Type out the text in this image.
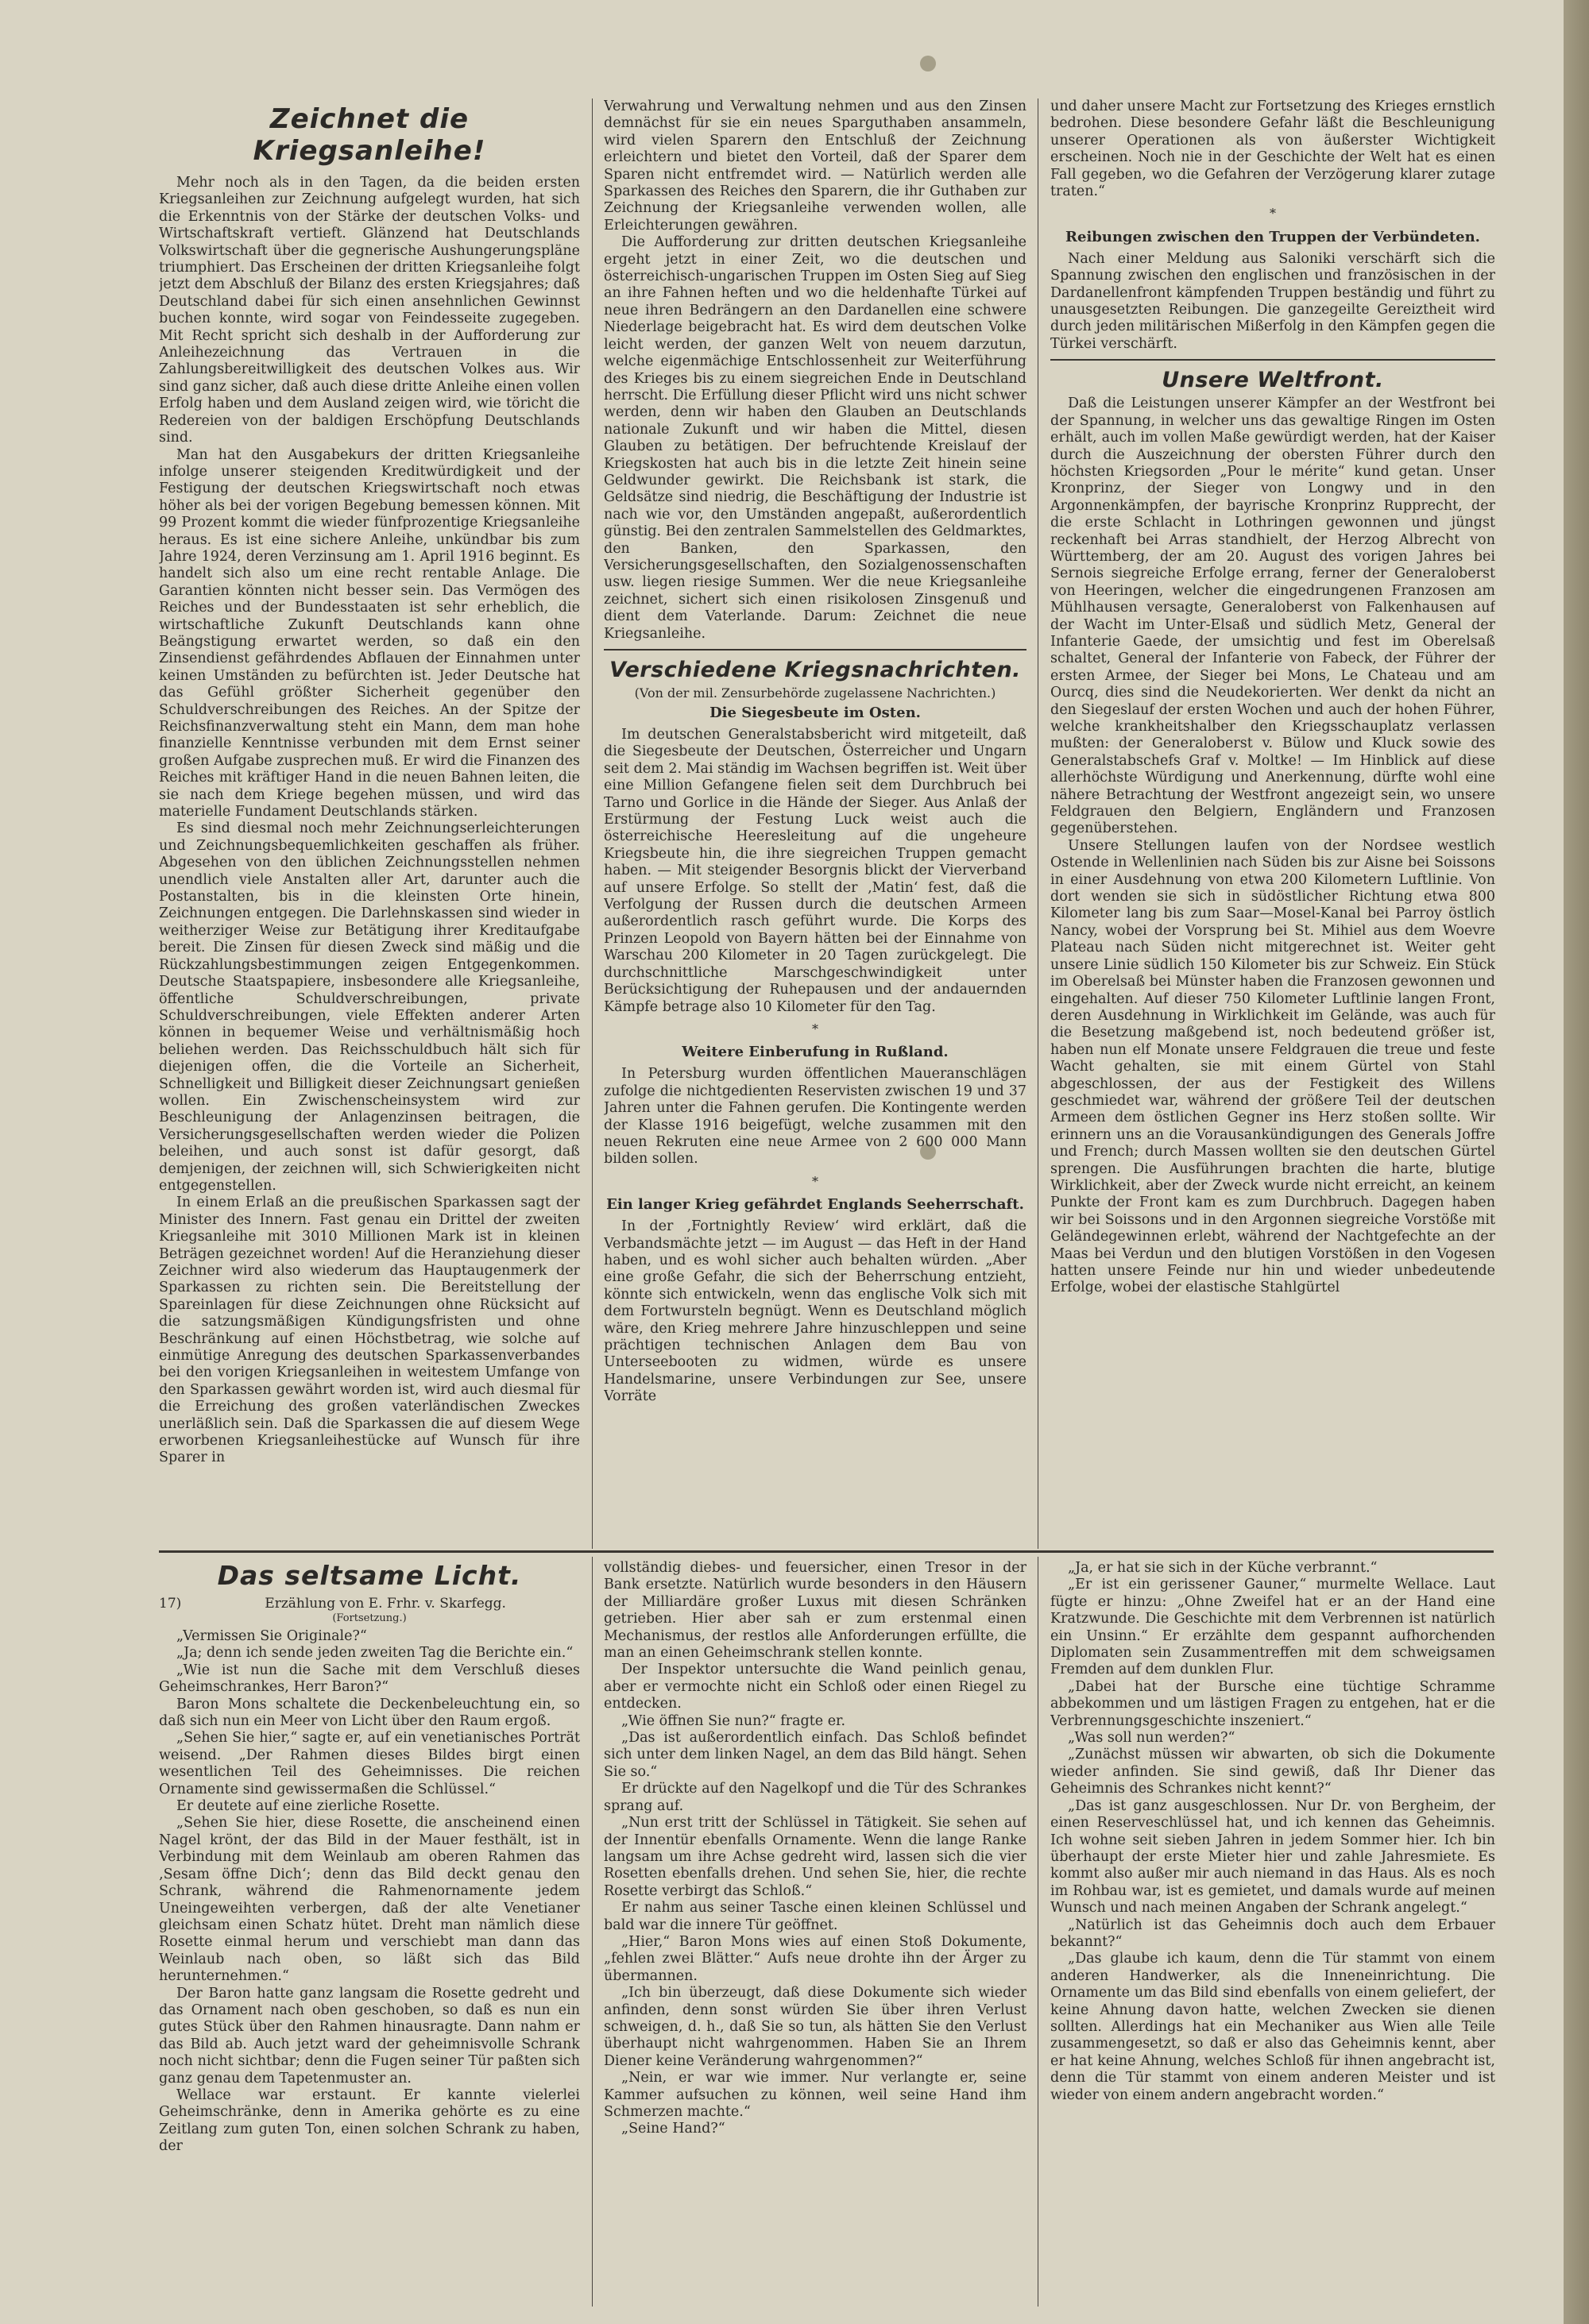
Zeichnet die Kriegsanleihe!

Mehr noch als in den Tagen, da die beiden ersten Kriegsanleihen zur Zeichnung aufgelegt wurden, hat sich die Erkenntnis von der Stärke der deutschen Volks- und Wirtschaftskraft vertieft. Glänzend hat Deutschlands Volkswirtschaft über die gegnerische Aushungerungspläne triumphiert. Das Erscheinen der dritten Kriegsanleihe folgt jetzt dem Abschluß der Bilanz des ersten Kriegsjahres; daß Deutschland dabei für sich einen ansehnlichen Gewinnst buchen konnte, wird sogar von Feindesseite zugegeben. Mit Recht spricht sich deshalb in der Aufforderung zur Anleihezeichnung das Vertrauen in die Zahlungsbereitwilligkeit des deutschen Volkes aus. Wir sind ganz sicher, daß auch diese dritte Anleihe einen vollen Erfolg haben und dem Ausland zeigen wird, wie töricht die Redereien von der baldigen Erschöpfung Deutschlands sind.

Man hat den Ausgabekurs der dritten Kriegsanleihe infolge unserer steigenden Kreditwürdigkeit und der Festigung der deutschen Kriegswirtschaft noch etwas höher als bei der vorigen Begebung bemessen können. Mit 99 Prozent kommt die wieder fünfprozentige Kriegsanleihe heraus. Es ist eine sichere Anleihe, unkündbar bis zum Jahre 1924, deren Verzinsung am 1. April 1916 beginnt. Es handelt sich also um eine recht rentable Anlage. Die Garantien könnten nicht besser sein. Das Vermögen des Reiches und der Bundesstaaten ist sehr erheblich, die wirtschaftliche Zukunft Deutschlands kann ohne Beängstigung erwartet werden, so daß ein den Zinsendienst gefährdendes Abflauen der Einnahmen unter keinen Umständen zu befürchten ist. Jeder Deutsche hat das Gefühl größter Sicherheit gegenüber den Schuldverschreibungen des Reiches. An der Spitze der Reichsfinanzverwaltung steht ein Mann, dem man hohe finanzielle Kenntnisse verbunden mit dem Ernst seiner großen Aufgabe zusprechen muß. Er wird die Finanzen des Reiches mit kräftiger Hand in die neuen Bahnen leiten, die sie nach dem Kriege begehen müssen, und wird das materielle Fundament Deutschlands stärken.

Es sind diesmal noch mehr Zeichnungserleichterungen und Zeichnungsbequemlichkeiten geschaffen als früher. Abgesehen von den üblichen Zeichnungsstellen nehmen unendlich viele Anstalten aller Art, darunter auch die Postanstalten, bis in die kleinsten Orte hinein, Zeichnungen entgegen. Die Darlehnskassen sind wieder in weitherziger Weise zur Betätigung ihrer Kreditaufgabe bereit. Die Zinsen für diesen Zweck sind mäßig und die Rückzahlungsbestimmungen zeigen Entgegenkommen. Deutsche Staatspapiere, insbesondere alle Kriegsanleihe, öffentliche Schuldverschreibungen, private Schuldverschreibungen, viele Effekten anderer Arten können in bequemer Weise und verhältnismäßig hoch beliehen werden. Das Reichsschuldbuch hält sich für diejenigen offen, die die Vorteile an Sicherheit, Schnelligkeit und Billigkeit dieser Zeichnungsart genießen wollen. Ein Zwischenscheinsystem wird zur Beschleunigung der Anlagenzinsen beitragen, die Versicherungsgesellschaften werden wieder die Polizen beleihen, und auch sonst ist dafür gesorgt, daß demjenigen, der zeichnen will, sich Schwierigkeiten nicht entgegenstellen.

In einem Erlaß an die preußischen Sparkassen sagt der Minister des Innern. Fast genau ein Drittel der zweiten Kriegsanleihe mit 3010 Millionen Mark ist in kleinen Beträgen gezeichnet worden! Auf die Heranziehung dieser Zeichner wird also wiederum das Hauptaugenmerk der Sparkassen zu richten sein. Die Bereitstellung der Spareinlagen für diese Zeichnungen ohne Rücksicht auf die satzungsmäßigen Kündigungsfristen und ohne Beschränkung auf einen Höchstbetrag, wie solche auf einmütige Anregung des deutschen Sparkassenverbandes bei den vorigen Kriegsanleihen in weitestem Umfange von den Sparkassen gewährt worden ist, wird auch diesmal für die Erreichung des großen vaterländischen Zweckes unerläßlich sein. Daß die Sparkassen die auf diesem Wege erworbenen Kriegsanleihestücke auf Wunsch für ihre Sparer in

Verwahrung und Verwaltung nehmen und aus den Zinsen demnächst für sie ein neues Sparguthaben ansammeln, wird vielen Sparern den Entschluß der Zeichnung erleichtern und bietet den Vorteil, daß der Sparer dem Sparen nicht entfremdet wird. — Natürlich werden alle Sparkassen des Reiches den Sparern, die ihr Guthaben zur Zeichnung der Kriegsanleihe verwenden wollen, alle Erleichterungen gewähren.

Die Aufforderung zur dritten deutschen Kriegsanleihe ergeht jetzt in einer Zeit, wo die deutschen und österreichisch-ungarischen Truppen im Osten Sieg auf Sieg an ihre Fahnen heften und wo die heldenhafte Türkei auf neue ihren Bedrängern an den Dardanellen eine schwere Niederlage beigebracht hat. Es wird dem deutschen Volke leicht werden, der ganzen Welt von neuem darzutun, welche eigenmächige Entschlossenheit zur Weiterführung des Krieges bis zu einem siegreichen Ende in Deutschland herrscht. Die Erfüllung dieser Pflicht wird uns nicht schwer werden, denn wir haben den Glauben an Deutschlands nationale Zukunft und wir haben die Mittel, diesen Glauben zu betätigen. Der befruchtende Kreislauf der Kriegskosten hat auch bis in die letzte Zeit hinein seine Geldwunder gewirkt. Die Reichsbank ist stark, die Geldsätze sind niedrig, die Beschäftigung der Industrie ist nach wie vor, den Umständen angepaßt, außerordentlich günstig. Bei den zentralen Sammelstellen des Geldmarktes, den Banken, den Sparkassen, den Versicherungsgesellschaften, den Sozialgenossenschaften usw. liegen riesige Summen. Wer die neue Kriegsanleihe zeichnet, sichert sich einen risikolosen Zinsgenuß und dient dem Vaterlande. Darum: Zeichnet die neue Kriegsanleihe.

Verschiedene Kriegsnachrichten.
(Von der mil. Zensurbehörde zugelassene Nachrichten.)
Die Siegesbeute im Osten.

Im deutschen Generalstabsbericht wird mitgeteilt, daß die Siegesbeute der Deutschen, Österreicher und Ungarn seit dem 2. Mai ständig im Wachsen begriffen ist. Weit über eine Million Gefangene fielen seit dem Durchbruch bei Tarno und Gorlice in die Hände der Sieger. Aus Anlaß der Erstürmung der Festung Luck weist auch die österreichische Heeresleitung auf die ungeheure Kriegsbeute hin, die ihre siegreichen Truppen gemacht haben. — Mit steigender Besorgnis blickt der Vierverband auf unsere Erfolge. So stellt der ‚Matin‘ fest, daß die Verfolgung der Russen durch die deutschen Armeen außerordentlich rasch geführt wurde. Die Korps des Prinzen Leopold von Bayern hätten bei der Einnahme von Warschau 200 Kilometer in 20 Tagen zurückgelegt. Die durchschnittliche Marschgeschwindigkeit unter Berücksichtigung der Ruhepausen und der andauernden Kämpfe betrage also 10 Kilometer für den Tag.

*
Weitere Einberufung in Rußland.

In Petersburg wurden öffentlichen Maueranschlägen zufolge die nichtgedienten Reservisten zwischen 19 und 37 Jahren unter die Fahnen gerufen. Die Kontingente werden der Klasse 1916 beigefügt, welche zusammen mit den neuen Rekruten eine neue Armee von 2 600 000 Mann bilden sollen.

*
Ein langer Krieg gefährdet Englands Seeherrschaft.

In der ‚Fortnightly Review‘ wird erklärt, daß die Verbandsmächte jetzt — im August — das Heft in der Hand haben, und es wohl sicher auch behalten würden. „Aber eine große Gefahr, die sich der Beherrschung entzieht, könnte sich entwickeln, wenn das englische Volk sich mit dem Fortwursteln begnügt. Wenn es Deutschland möglich wäre, den Krieg mehrere Jahre hinzuschleppen und seine prächtigen technischen Anlagen dem Bau von Unterseebooten zu widmen, würde es unsere Handelsmarine, unsere Verbindungen zur See, unsere Vorräte

und daher unsere Macht zur Fortsetzung des Krieges ernstlich bedrohen. Diese besondere Gefahr läßt die Beschleunigung unserer Operationen als von äußerster Wichtigkeit erscheinen. Noch nie in der Geschichte der Welt hat es einen Fall gegeben, wo die Gefahren der Verzögerung klarer zutage traten.“

*
Reibungen zwischen den Truppen der Verbündeten.

Nach einer Meldung aus Saloniki verschärft sich die Spannung zwischen den englischen und französischen in der Dardanellenfront kämpfenden Truppen beständig und führt zu unausgesetzten Reibungen. Die ganzegeilte Gereiztheit wird durch jeden militärischen Mißerfolg in den Kämpfen gegen die Türkei verschärft.

Unsere Weltfront.

Daß die Leistungen unserer Kämpfer an der Westfront bei der Spannung, in welcher uns das gewaltige Ringen im Osten erhält, auch im vollen Maße gewürdigt werden, hat der Kaiser durch die Auszeichnung der obersten Führer durch den höchsten Kriegsorden „Pour le mérite“ kund getan. Unser Kronprinz, der Sieger von Longwy und in den Argonnenkämpfen, der bayrische Kronprinz Rupprecht, der die erste Schlacht in Lothringen gewonnen und jüngst reckenhaft bei Arras standhielt, der Herzog Albrecht von Württemberg, der am 20. August des vorigen Jahres bei Sernois siegreiche Erfolge errang, ferner der Generaloberst von Heeringen, welcher die eingedrungenen Franzosen am Mühlhausen versagte, Generaloberst von Falkenhausen auf der Wacht im Unter-Elsaß und südlich Metz, General der Infanterie Gaede, der umsichtig und fest im Oberelsaß schaltet, General der Infanterie von Fabeck, der Führer der ersten Armee, der Sieger bei Mons, Le Chateau und am Ourcq, dies sind die Neudekorierten. Wer denkt da nicht an den Siegeslauf der ersten Wochen und auch der hohen Führer, welche krankheitshalber den Kriegsschauplatz verlassen mußten: der Generaloberst v. Bülow und Kluck sowie des Generalstabschefs Graf v. Moltke! — Im Hinblick auf diese allerhöchste Würdigung und Anerkennung, dürfte wohl eine nähere Betrachtung der Westfront angezeigt sein, wo unsere Feldgrauen den Belgiern, Engländern und Franzosen gegenüberstehen.

Unsere Stellungen laufen von der Nordsee westlich Ostende in Wellenlinien nach Süden bis zur Aisne bei Soissons in einer Ausdehnung von etwa 200 Kilometern Luftlinie. Von dort wenden sie sich in südöstlicher Richtung etwa 800 Kilometer lang bis zum Saar—Mosel-Kanal bei Parroy östlich Nancy, wobei der Vorsprung bei St. Mihiel aus dem Woevre Plateau nach Süden nicht mitgerechnet ist. Weiter geht unsere Linie südlich 150 Kilometer bis zur Schweiz. Ein Stück im Oberelsaß bei Münster haben die Franzosen gewonnen und eingehalten. Auf dieser 750 Kilometer Luftlinie langen Front, deren Ausdehnung in Wirklichkeit im Gelände, was auch für die Besetzung maßgebend ist, noch bedeutend größer ist, haben nun elf Monate unsere Feldgrauen die treue und feste Wacht gehalten, sie mit einem Gürtel von Stahl abgeschlossen, der aus der Festigkeit des Willens geschmiedet war, während der größere Teil der deutschen Armeen dem östlichen Gegner ins Herz stoßen sollte. Wir erinnern uns an die Vorausankündigungen des Generals Joffre und French; durch Massen wollten sie den deutschen Gürtel sprengen. Die Ausführungen brachten die harte, blutige Wirklichkeit, aber der Zweck wurde nicht erreicht, an keinem Punkte der Front kam es zum Durchbruch. Dagegen haben wir bei Soissons und in den Argonnen siegreiche Vorstöße mit Geländegewinnen erlebt, während der Nachtgefechte an der Maas bei Verdun und den blutigen Vorstößen in den Vogesen hatten unsere Feinde nur hin und wieder unbedeutende Erfolge, wobei der elastische Stahlgürtel

Das seltsame Licht.
17)	Erzählung von E. Frhr. v. Skarfegg.
(Fortsetzung.)

„Vermissen Sie Originale?“

„Ja; denn ich sende jeden zweiten Tag die Berichte ein.“

„Wie ist nun die Sache mit dem Verschluß dieses Geheimschrankes, Herr Baron?“

Baron Mons schaltete die Deckenbeleuchtung ein, so daß sich nun ein Meer von Licht über den Raum ergoß.

„Sehen Sie hier,“ sagte er, auf ein venetianisches Porträt weisend. „Der Rahmen dieses Bildes birgt einen wesentlichen Teil des Geheimnisses. Die reichen Ornamente sind gewissermaßen die Schlüssel.“

Er deutete auf eine zierliche Rosette.

„Sehen Sie hier, diese Rosette, die anscheinend einen Nagel krönt, der das Bild in der Mauer festhält, ist in Verbindung mit dem Weinlaub am oberen Rahmen das ‚Sesam öffne Dich‘; denn das Bild deckt genau den Schrank, während die Rahmenornamente jedem Uneingeweihten verbergen, daß der alte Venetianer gleichsam einen Schatz hütet. Dreht man nämlich diese Rosette einmal herum und verschiebt man dann das Weinlaub nach oben, so läßt sich das Bild herunternehmen.“

Der Baron hatte ganz langsam die Rosette gedreht und das Ornament nach oben geschoben, so daß es nun ein gutes Stück über den Rahmen hinausragte. Dann nahm er das Bild ab. Auch jetzt ward der geheimnisvolle Schrank noch nicht sichtbar; denn die Fugen seiner Tür paßten sich ganz genau dem Tapetenmuster an.

Wellace war erstaunt. Er kannte vielerlei Geheimschränke, denn in Amerika gehörte es zu eine Zeitlang zum guten Ton, einen solchen Schrank zu haben, der

vollständig diebes- und feuersicher, einen Tresor in der Bank ersetzte. Natürlich wurde besonders in den Häusern der Milliardäre großer Luxus mit diesen Schränken getrieben. Hier aber sah er zum erstenmal einen Mechanismus, der restlos alle Anforderungen erfüllte, die man an einen Geheimschrank stellen konnte.

Der Inspektor untersuchte die Wand peinlich genau, aber er vermochte nicht ein Schloß oder einen Riegel zu entdecken.

„Wie öffnen Sie nun?“ fragte er.

„Das ist außerordentlich einfach. Das Schloß befindet sich unter dem linken Nagel, an dem das Bild hängt. Sehen Sie so.“

Er drückte auf den Nagelkopf und die Tür des Schrankes sprang auf.

„Nun erst tritt der Schlüssel in Tätigkeit. Sie sehen auf der Innentür ebenfalls Ornamente. Wenn die lange Ranke langsam um ihre Achse gedreht wird, lassen sich die vier Rosetten ebenfalls drehen. Und sehen Sie, hier, die rechte Rosette verbirgt das Schloß.“

Er nahm aus seiner Tasche einen kleinen Schlüssel und bald war die innere Tür geöffnet.

„Hier,“ Baron Mons wies auf einen Stoß Dokumente, „fehlen zwei Blätter.“ Aufs neue drohte ihn der Ärger zu übermannen.

„Ich bin überzeugt, daß diese Dokumente sich wieder anfinden, denn sonst würden Sie über ihren Verlust schweigen, d. h., daß Sie so tun, als hätten Sie den Verlust überhaupt nicht wahrgenommen. Haben Sie an Ihrem Diener keine Veränderung wahrgenommen?“

„Nein, er war wie immer. Nur verlangte er, seine Kammer aufsuchen zu können, weil seine Hand ihm Schmerzen machte.“

„Seine Hand?“

„Ja, er hat sie sich in der Küche verbrannt.“

„Er ist ein gerissener Gauner,“ murmelte Wellace. Laut fügte er hinzu: „Ohne Zweifel hat er an der Hand eine Kratzwunde. Die Geschichte mit dem Verbrennen ist natürlich ein Unsinn.“ Er erzählte dem gespannt aufhorchenden Diplomaten sein Zusammentreffen mit dem schweigsamen Fremden auf dem dunklen Flur.

„Dabei hat der Bursche eine tüchtige Schramme abbekommen und um lästigen Fragen zu entgehen, hat er die Verbrennungsgeschichte inszeniert.“

„Was soll nun werden?“

„Zunächst müssen wir abwarten, ob sich die Dokumente wieder anfinden. Sie sind gewiß, daß Ihr Diener das Geheimnis des Schrankes nicht kennt?“

„Das ist ganz ausgeschlossen. Nur Dr. von Bergheim, der einen Reserveschlüssel hat, und ich kennen das Geheimnis. Ich wohne seit sieben Jahren in jedem Sommer hier. Ich bin überhaupt der erste Mieter hier und zahle Jahresmiete. Es kommt also außer mir auch niemand in das Haus. Als es noch im Rohbau war, ist es gemietet, und damals wurde auf meinen Wunsch und nach meinen Angaben der Schrank angelegt.“

„Natürlich ist das Geheimnis doch auch dem Erbauer bekannt?“

„Das glaube ich kaum, denn die Tür stammt von einem anderen Handwerker, als die Inneneinrichtung. Die Ornamente um das Bild sind ebenfalls von einem geliefert, der keine Ahnung davon hatte, welchen Zwecken sie dienen sollten. Allerdings hat ein Mechaniker aus Wien alle Teile zusammengesetzt, so daß er also das Geheimnis kennt, aber er hat keine Ahnung, welches Schloß für ihnen angebracht ist, denn die Tür stammt von einem anderen Meister und ist wieder von einem andern angebracht worden.“
